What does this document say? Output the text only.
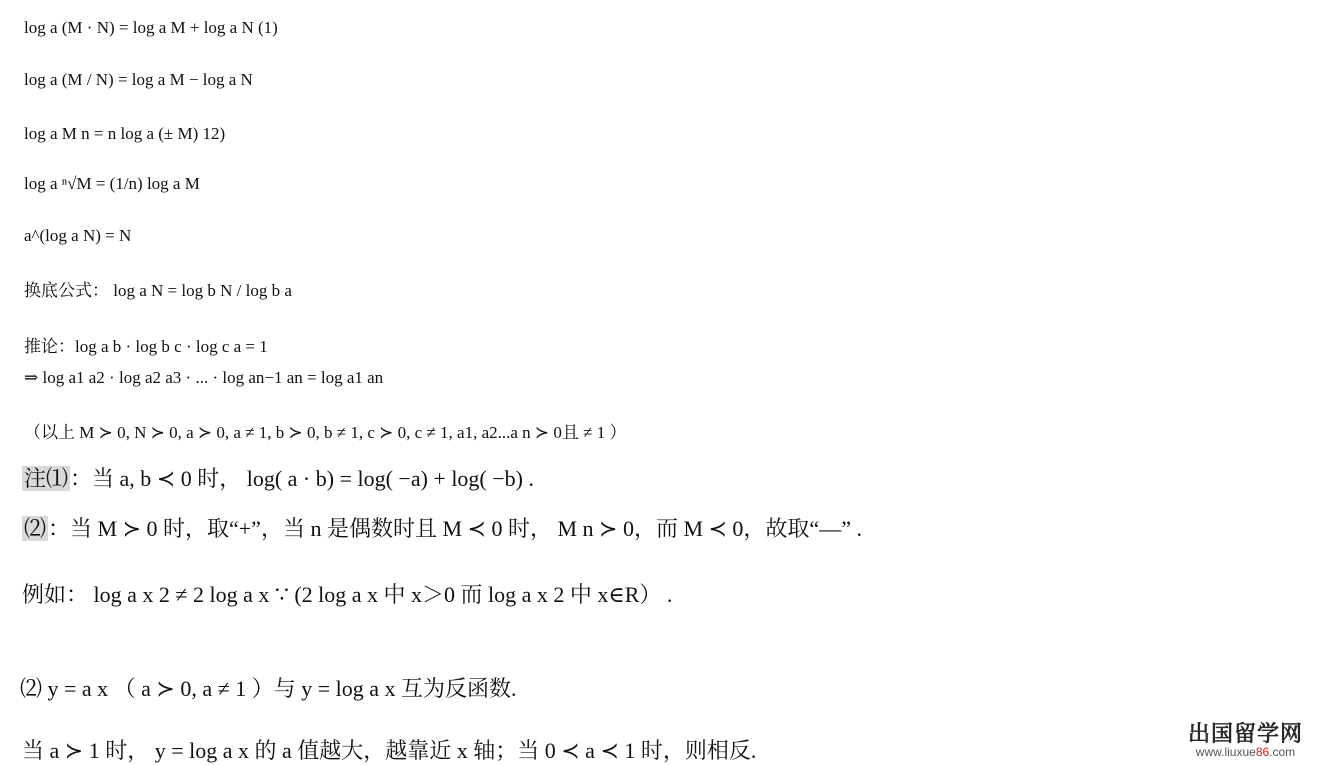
log a (M · N) = log a M + log a N (1)
log a (M / N) = log a M − log a N
log a M n = n log a (± M) 12)
log a ⁿ√M = (1/n) log a M
a^(log a N) = N
换底公式： log a N = log b N / log b a
推论：log a b · log b c · log c a = 1
⇒ log a1 a2 · log a2 a3 · ... · log an−1 an = log a1 an
（以上 M ≻ 0, N ≻ 0, a ≻ 0, a ≠ 1, b ≻ 0, b ≠ 1, c ≻ 0, c ≠ 1, a1, a2...a n ≻ 0且 ≠ 1 ）
注⑴：当 a, b ≺ 0 时， log( a · b) = log( −a) + log( −b) .
⑵：当 M ≻ 0 时，取“+”，当 n 是偶数时且 M ≺ 0 时， M n ≻ 0，而 M ≺ 0，故取“—” .
例如： log a x 2 ≠ 2 log a x ∵ (2 log a x 中 x＞0 而 log a x 2 中 x∈R） .
⑵ y = a x （ a ≻ 0, a ≠ 1 ）与 y = log a x 互为反函数.
当 a ≻ 1 时， y = log a x 的 a 值越大，越靠近 x 轴；当 0 ≺ a ≺ 1 时，则相反.
出国留学网
www.liuxue86.com
